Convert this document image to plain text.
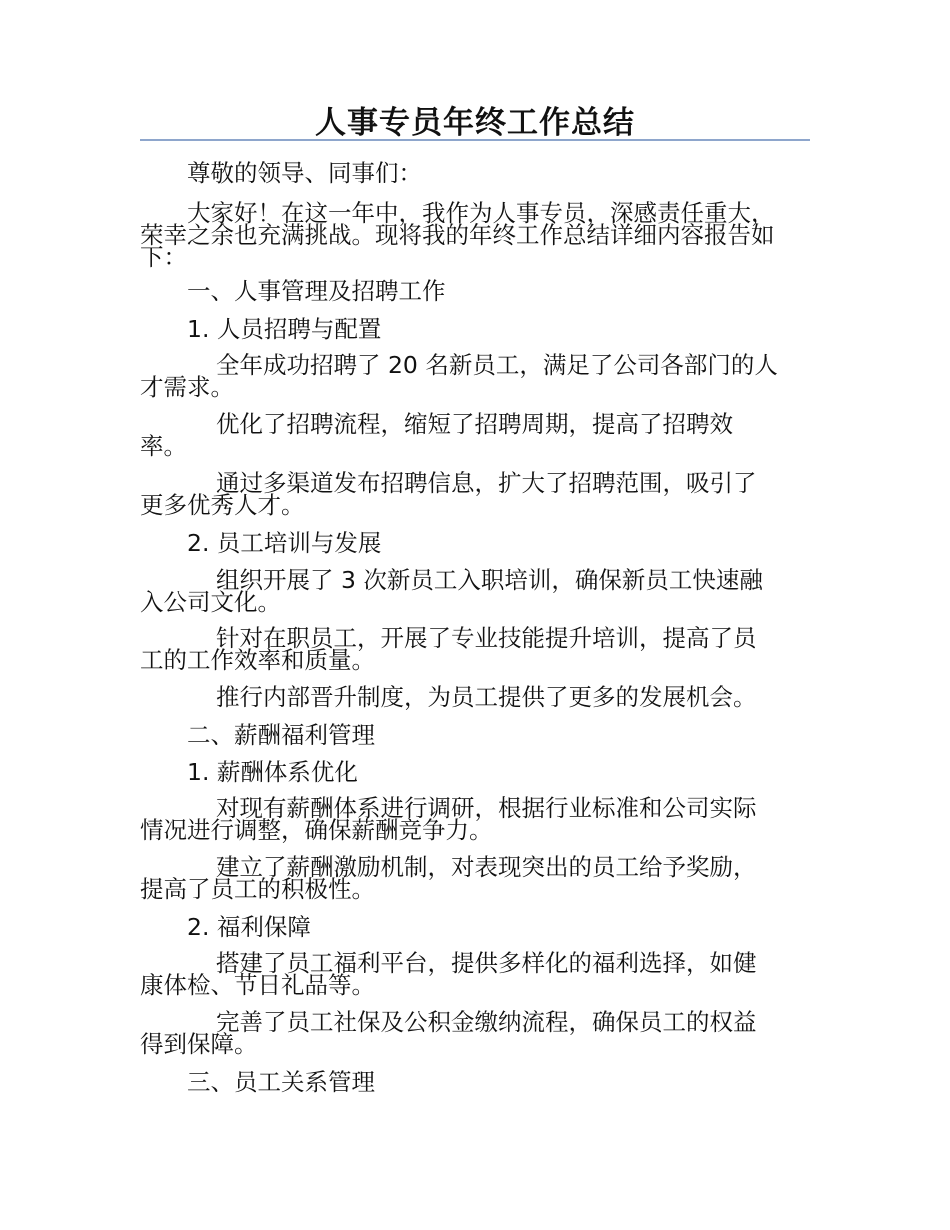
人事专员年终工作总结
尊敬的领导、同事们：
大家好！在这一年中，我作为人事专员，深感责任重大，
荣幸之余也充满挑战。现将我的年终工作总结详细内容报告如
下：
一、人事管理及招聘工作
1. 人员招聘与配置
全年成功招聘了 20 名新员工，满足了公司各部门的人
才需求。
优化了招聘流程，缩短了招聘周期，提高了招聘效
率。
通过多渠道发布招聘信息，扩大了招聘范围，吸引了
更多优秀人才。
2. 员工培训与发展
组织开展了 3 次新员工入职培训，确保新员工快速融
入公司文化。
针对在职员工，开展了专业技能提升培训，提高了员
工的工作效率和质量。
推行内部晋升制度，为员工提供了更多的发展机会。
二、薪酬福利管理
1. 薪酬体系优化
对现有薪酬体系进行调研，根据行业标准和公司实际
情况进行调整，确保薪酬竞争力。
建立了薪酬激励机制，对表现突出的员工给予奖励，
提高了员工的积极性。
2. 福利保障
搭建了员工福利平台，提供多样化的福利选择，如健
康体检、节日礼品等。
完善了员工社保及公积金缴纳流程，确保员工的权益
得到保障。
三、员工关系管理
